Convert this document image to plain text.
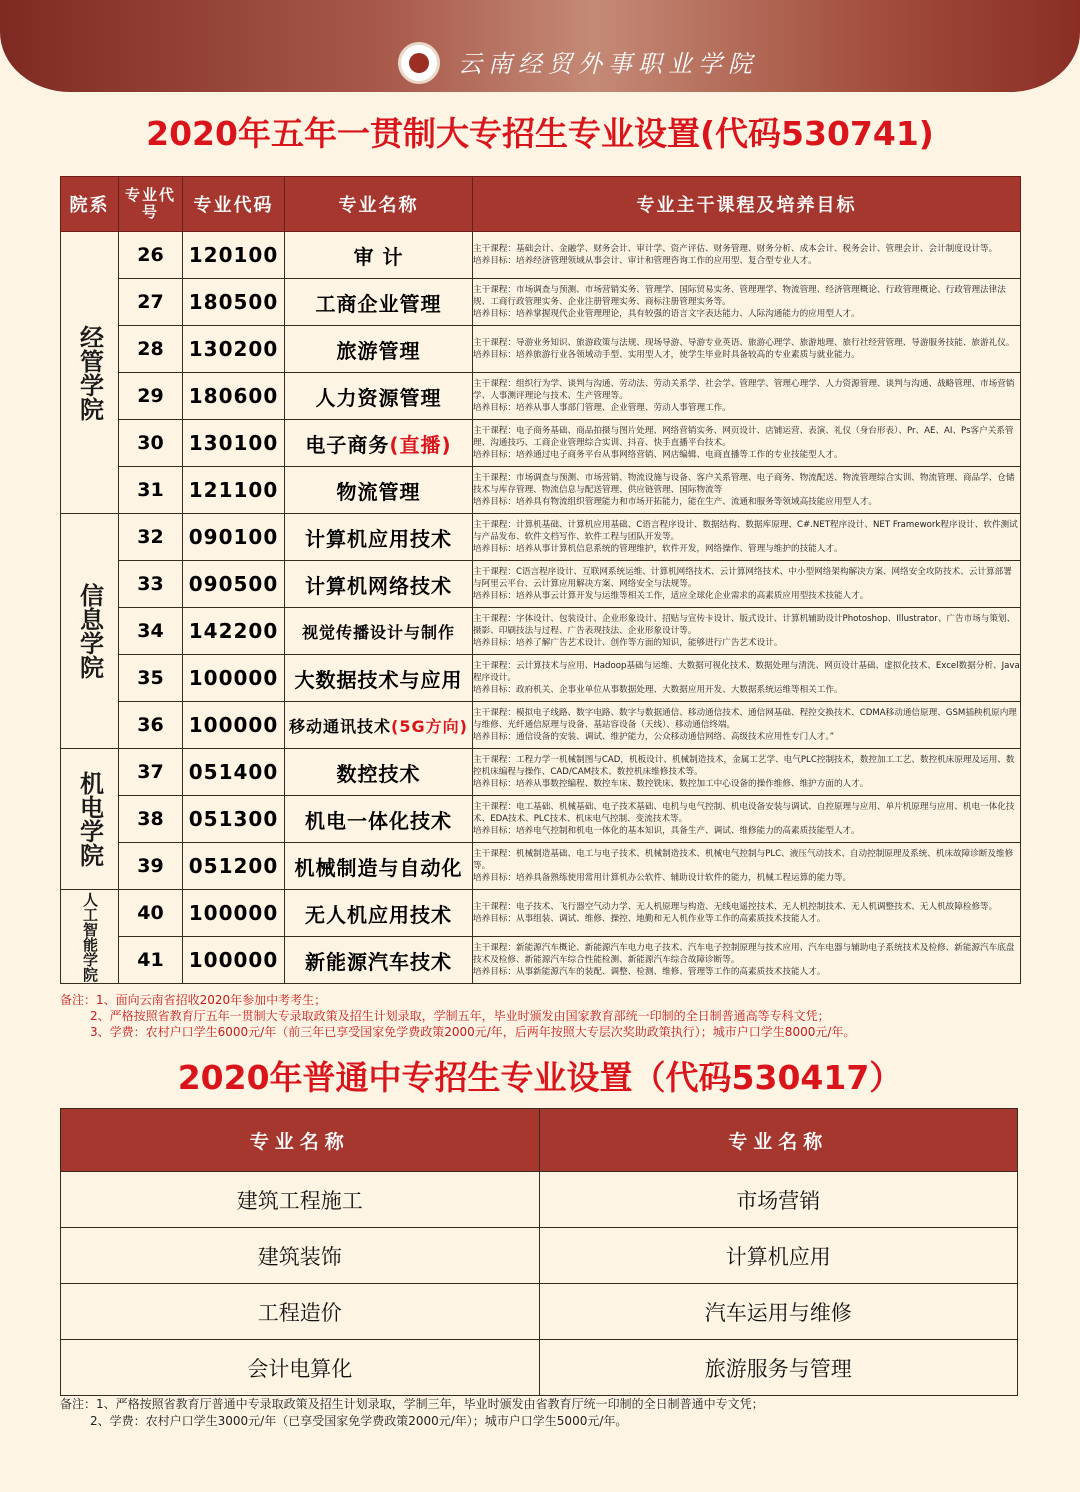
云南经贸外事职业学院
2020年五年一贯制大专招生专业设置(代码530741)
院系	专业代号	专业代码	专业名称	专业主干课程及培养目标
经管学院	26	120100	审 计	主干课程：基础会计、金融学、财务会计、审计学、资产评估、财务管理、财务分析、成本会计、税务会计、管理会计、会计制度设计等。
培养目标：培养经济管理领域从事会计、审计和管理咨询工作的应用型、复合型专业人才。

	27	180500	工商企业管理	主干课程：市场调查与预测、市场营销实务、管理学、国际贸易实务、管理理学、物流管理、经济管理概论、行政管理概论、行政管理法律法规、工商行政管理实务、企业注册管理实务、商标注册管理实务等。
培养目标：培养掌握现代企业管理理论，具有较强的语言文字表达能力、人际沟通能力的应用型人才。

	28	130200	旅游管理	主干课程：导游业务知识、旅游政策与法规、现场导游、导游专业英语、旅游心理学、旅游地理、旅行社经营管理、导游服务技能、旅游礼仪。
培养目标：培养旅游行业各领域动手型、实用型人才，使学生毕业时具备较高的专业素质与就业能力。

	29	180600	人力资源管理	主干课程：组织行为学、谈判与沟通、劳动法、劳动关系学、社会学、管理学、管理心理学、人力资源管理、谈判与沟通、战略管理、市场营销学、人事测评理论与技术、生产管理等。
培养目标：培养从事人事部门管理、企业管理、劳动人事管理工作。

	30	130100	电子商务(直播)	主干课程：电子商务基础、商品拍摄与图片处理、网络营销实务、网页设计、店铺运营、表演、礼仪（身台形表）、Pr、AE、AI、Ps客户关系管理、沟通技巧、工商企业管理综合实训、抖音、快手直播平台技术。
培养目标：培养通过电子商务平台从事网络营销、网店编辑、电商直播等工作的专业技能型人才。

	31	121100	物流管理	主干课程：市场调查与预测、市场营销、物流设施与设备、客户关系管理、电子商务、物流配送、物流管理综合实训、物流管理、商品学、仓储技术与库存管理、物流信息与配送管理、供应链管理、国际物流等
培养目标：培养具有物流组织管理能力和市场开拓能力，能在生产、流通和服务等领域高技能应用型人才。

信息学院	32	090100	计算机应用技术	主干课程：计算机基础、计算机应用基础、C语言程序设计、数据结构、数据库原理、C#.NET程序设计、NET Framework程序设计、软件测试与产品发布、软件文档写作、软件工程与团队开发等。
培养目标：培养从事计算机信息系统的管理维护，软件开发，网络操作、管理与维护的技能人才。

	33	090500	计算机网络技术	主干课程：C语言程序设计、互联网系统运维、计算机网络技术、云计算网络技术、中小型网络架构解决方案、网络安全攻防技术、云计算部署与阿里云平台、云计算应用解决方案、网络安全与法规等。
培养目标：培养从事云计算开发与运维等相关工作，适应全球化企业需求的高素质应用型技术技能人才。

	34	142200	视觉传播设计与制作	主干课程：字体设计、包装设计、企业形象设计、招贴与宣传卡设计、版式设计、计算机辅助设计Photoshop、Illustrator、广告市场与策划、摄影、印刷技法与过程、广告表现技法、企业形象设计等。
培养目标：培养了解广告艺术设计、创作等方面的知识，能够进行广告艺术设计。

	35	100000	大数据技术与应用	主干课程：云计算技术与应用、Hadoop基础与运维、大数据可视化技术、数据处理与清洗、网页设计基础、虚拟化技术、Excel数据分析、Java程序设计。
培养目标：政府机关、企事业单位从事数据处理、大数据应用开发、大数据系统运维等相关工作。

	36	100000	移动通讯技术(5G方向)	主干课程：模拟电子线路、数字电路、数字与数据通信、移动通信技术、通信网基础、程控交换技术、CDMA移动通信原理、GSM插秧机原内理与维修、光纤通信原理与设备、基站容设备（天线）、移动通信终端。
培养目标：通信设备的安装、调试、维护能力，公众移动通信网络、高级技术应用性专门人才。”

机电学院	37	051400	数控技术	主干课程：工程力学一机械制图与CAD，机板设计、机械制造技术，金属工艺学、电气PLC控制技术，数控加工工艺、数控机床原理及运用、数控机床编程与操作、CAD/CAM技术、数控机床维修技术等。
培养目标：培养从事数控编程、数控车床、数控铣床、数控加工中心设备的操作维修、维护方面的人才。

	38	051300	机电一体化技术	主干课程：电工基础、机械基础、电子技术基础、电机与电气控制、机电设备安装与调试、自控原理与应用、单片机原理与应用、机电一体化技术、EDA技术、PLC技术、机床电气控制、变流技术等。
培养目标：培养电气控制和机电一体化的基本知识，具备生产、调试、维修能力的高素质技能型人才。

	39	051200	机械制造与自动化	主干课程：机械制造基础、电工与电子技术、机械制造技术、机械电气控制与PLC、液压气动技术、自动控制原理及系统、机床故障诊断及维修等。
培养目标：培养具备熟练使用常用计算机办公软件、辅助设计软件的能力，机械工程运算的能力等。

人工智能学院	40	100000	无人机应用技术	主干课程：电子技术、飞行器空气动力学、无人机原理与构造、无线电遥控技术、无人机控制技术、无人机调整技术、无人机故障检修等。
培养目标：从事组装、调试、维修、操控、地勤和无人机作业等工作的高素质技术技能人才。

	41	100000	新能源汽车技术	主干课程：新能源汽车概论、新能源汽车电力电子技术、汽车电子控制原理与技术应用、汽车电器与辅助电子系统技术及检修、新能源汽车底盘技术及检修、新能源汽车综合性能检测、新能源汽车综合故障诊断等。
培养目标：从事新能源汽车的装配、调整、检测、维修、管理等工作的高素质技术技能人才。
备注：1、面向云南省招收2020年参加中考考生；
2、严格按照省教育厅五年一贯制大专录取政策及招生计划录取，学制五年，毕业时颁发由国家教育部统一印制的全日制普通高等专科文凭；
3、学费：农村户口学生6000元/年（前三年已享受国家免学费政策2000元/年，后两年按照大专层次奖助政策执行）；城市户口学生8000元/年。
2020年普通中专招生专业设置（代码530417）
专业名称	专业名称
建筑工程施工	市场营销
建筑装饰	计算机应用
工程造价	汽车运用与维修
会计电算化	旅游服务与管理
备注：1、严格按照省教育厅普通中专录取政策及招生计划录取，学制三年，毕业时颁发由省教育厅统一印制的全日制普通中专文凭；
2、学费：农村户口学生3000元/年（已享受国家免学费政策2000元/年）；城市户口学生5000元/年。
